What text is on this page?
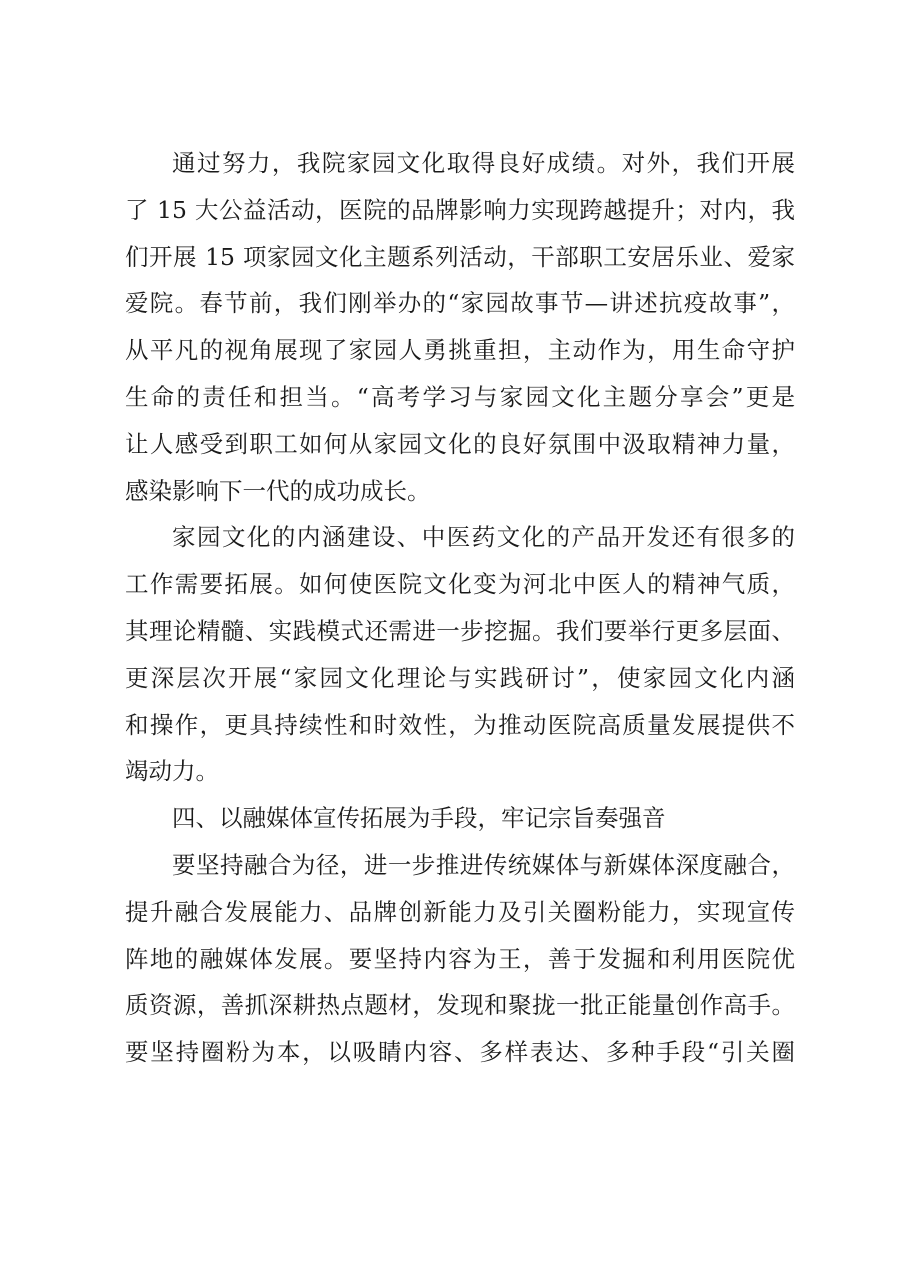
通过努力，我院家园文化取得良好成绩。对外，我们开展
了 15 大公益活动，医院的品牌影响力实现跨越提升；对内，我
们开展 15 项家园文化主题系列活动，干部职工安居乐业、爱家
爱院。春节前，我们刚举办的“家园故事节—讲述抗疫故事”，
从平凡的视角展现了家园人勇挑重担，主动作为，用生命守护
生命的责任和担当。“高考学习与家园文化主题分享会”更是
让人感受到职工如何从家园文化的良好氛围中汲取精神力量，
感染影响下一代的成功成长。
家园文化的内涵建设、中医药文化的产品开发还有很多的
工作需要拓展。如何使医院文化变为河北中医人的精神气质，
其理论精髓、实践模式还需进一步挖掘。我们要举行更多层面、
更深层次开展“家园文化理论与实践研讨”，使家园文化内涵
和操作，更具持续性和时效性，为推动医院高质量发展提供不
竭动力。
四、以融媒体宣传拓展为手段，牢记宗旨奏强音
要坚持融合为径，进一步推进传统媒体与新媒体深度融合，
提升融合发展能力、品牌创新能力及引关圈粉能力，实现宣传
阵地的融媒体发展。要坚持内容为王，善于发掘和利用医院优
质资源，善抓深耕热点题材，发现和聚拢一批正能量创作高手。
要坚持圈粉为本，以吸睛内容、多样表达、多种手段“引关圈
